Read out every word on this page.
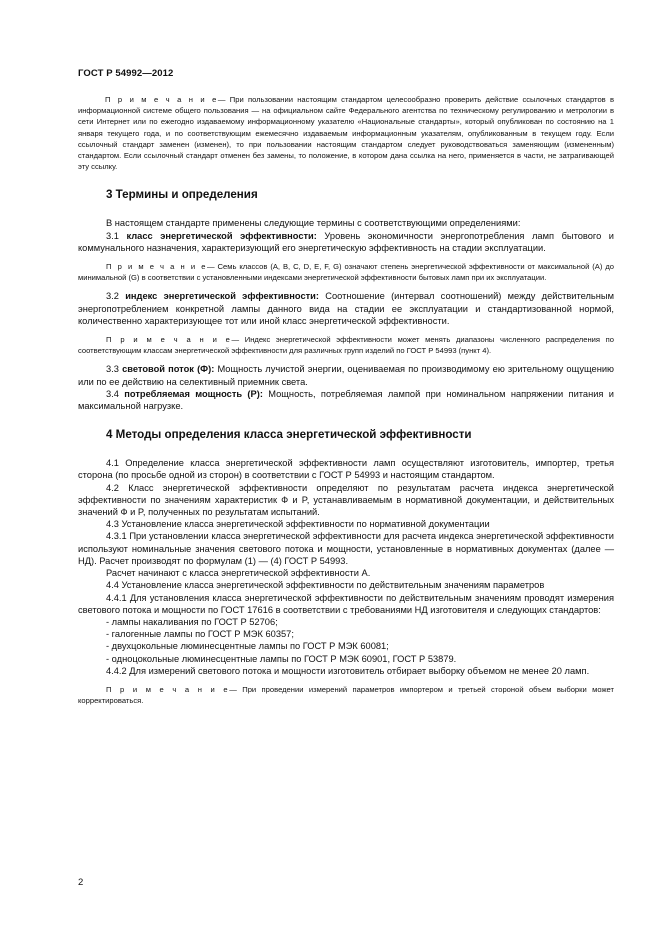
ГОСТ Р 54992—2012

П р и м е ч а н и е— При пользовании настоящим стандартом целесообразно проверить действие ссылочных стандартов в информационной системе общего пользования — на официальном сайте Федерального агентства по техническому регулированию и метрологии в сети Интернет или по ежегодно издаваемому информационному указателю «Национальные стандарты», который опубликован по состоянию на 1 января текущего года, и по соответствующим ежемесячно издаваемым информационным указателям, опубликованным в текущем году. Если ссылочный стандарт заменен (изменен), то при пользовании настоящим стандартом следует руководствоваться заменяющим (измененным) стандартом. Если ссылочный стандарт отменен без замены, то положение, в котором дана ссылка на него, применяется в части, не затрагивающей эту ссылку.

3 Термины и определения

В настоящем стандарте применены следующие термины с соответствующими определениями:

3.1 класс энергетической эффективности: Уровень экономичности энергопотребления ламп бытового и коммунального назначения, характеризующий его энергетическую эффективность на стадии эксплуатации.

П р и м е ч а н и е— Семь классов (A, B, C, D, E, F, G) означают степень энергетической эффективности от максимальной (A) до минимальной (G) в соответствии с установленными индексами энергетической эффективности бытовых ламп при их эксплуатации.

3.2 индекс энергетической эффективности: Соотношение (интервал соотношений) между действительным энергопотреблением конкретной лампы данного вида на стадии ее эксплуатации и стандартизованной нормой, количественно характеризующее тот или иной класс энергетической эффективности.

П р и м е ч а н и е— Индекс энергетической эффективности может менять диапазоны численного распределения по соответствующим классам энергетической эффективности для различных групп изделий по ГОСТ Р 54993 (пункт 4).

3.3 световой поток (Ф): Мощность лучистой энергии, оцениваемая по производимому ею зрительному ощущению или по ее действию на селективный приемник света.

3.4 потребляемая мощность (P): Мощность, потребляемая лампой при номинальном напряжении питания и максимальной нагрузке.

4 Методы определения класса энергетической эффективности

4.1 Определение класса энергетической эффективности ламп осуществляют изготовитель, импортер, третья сторона (по просьбе одной из сторон) в соответствии с ГОСТ Р 54993 и настоящим стандартом.

4.2 Класс энергетической эффективности определяют по результатам расчета индекса энергетической эффективности по значениям характеристик Ф и P, устанавливаемым в нормативной документации, и действительных значений Ф и P, полученных по результатам испытаний.

4.3 Установление класса энергетической эффективности по нормативной документации

4.3.1 При установлении класса энергетической эффективности для расчета индекса энергетической эффективности используют номинальные значения светового потока и мощности, установленные в нормативных документах (далее — НД). Расчет производят по формулам (1) — (4) ГОСТ Р 54993.

Расчет начинают с класса энергетической эффективности А.

4.4 Установление класса энергетической эффективности по действительным значениям параметров

4.4.1 Для установления класса энергетической эффективности по действительным значениям проводят измерения светового потока и мощности по ГОСТ 17616 в соответствии с требованиями НД изготовителя и следующих стандартов:

- лампы накаливания по ГОСТ Р 52706;

- галогенные лампы по ГОСТ Р МЭК 60357;

- двухцокольные люминесцентные лампы по ГОСТ Р МЭК 60081;

- одноцокольные люминесцентные лампы по ГОСТ Р МЭК 60901, ГОСТ Р 53879.

4.4.2 Для измерений светового потока и мощности изготовитель отбирает выборку объемом не менее 20 ламп.

П р и м е ч а н и е— При проведении измерений параметров импортером и третьей стороной объем выборки может корректироваться.

2
